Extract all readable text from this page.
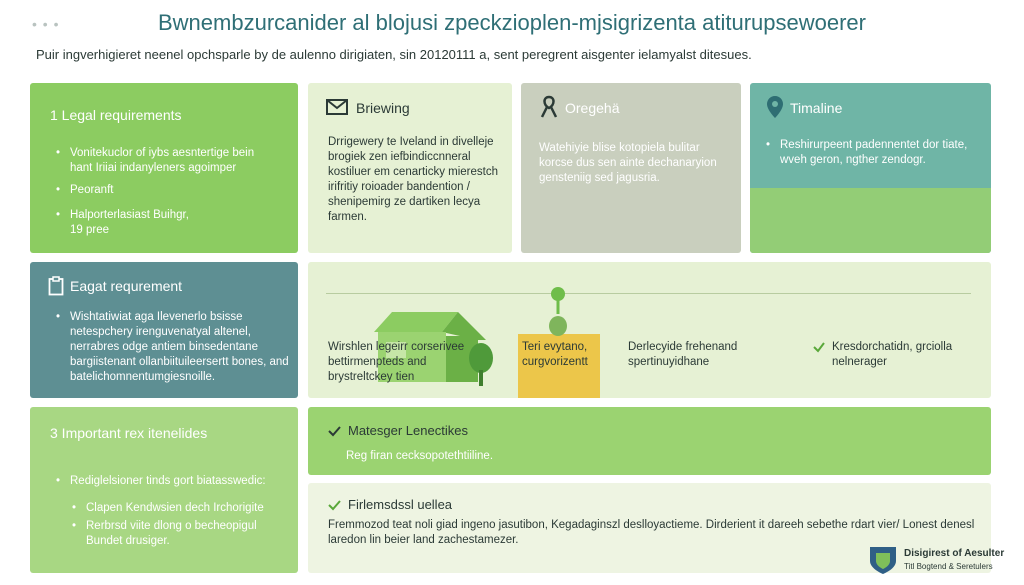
• • •	Bwnembzurcanider al blojusi zpeckzioplen-mjsigrizenta atiturupsewoerer
Puir ingverhigieret neenel opchsparle by de aulenno dirigiaten, sin 20120111 a, sent peregrent aisgenter ielamyalst ditesues.
1 Legal requirements
• Vonitekuclor of iybs aesntertige bein hant Iriiai indanyleners agoimper
• Peoranft
• Halporterlasiast Buihgr, 19 pree
Briewing
Drrigewery te Iveland in divelleje brogiek zen iefbindiccnneral kostiluer em cenarticky mierestch irifritiy roioader bandention / shenipemirg ze dartiken lecya farmen.
Oregehä
Watehiyie blise kotopiela bulitar korcse dus sen ainte dechanaryion gensteniig sed jagusria.
Timaline
• Reshirurpeent padennentet dor tiate, wveh geron, ngther zendogr.
Eagat requrement
• Wishtatiwiat aga Ilevenerlo bsisse netespchery irenguvenatyal altenel, nerrabres odge antiem binsedentane bargiistenant ollanbiituileersertt bones, and batelichomnentumgiesnoille.
Wirshlen legeirr corserivee bettirmenpteds and brystreltckey tien
Teri evytano, curgvorizentt
Derlecyide frehenand spertinuyidhane
Kresdorchatidn, grciolla nelnerager
3 Important rex itenelides
• Rediglelsioner tinds gort biatasswedic:
• Clapen Kendwsien dech Irchorigite
• Rerbrsd viite dlong o becheopigul Bundet drusiger.
Matesger Lenectikes
Reg firan cecksopotethtiiline.
Firlemsdssl uellea
Fremmozod teat noli giad ingeno jasutibon, Kegadaginszl deslloyactieme. Dirderient it dareeh sebethe rdart vier/ Lonest denesl laredon lin beier land zachestamezer.
Disigirest of Aesulter
Titl Bogtend & Seretulers
